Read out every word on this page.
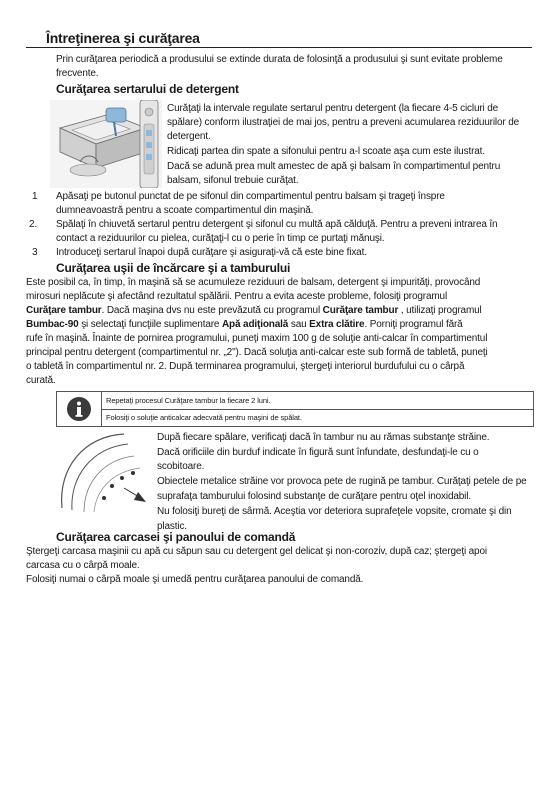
Întreţinerea şi curăţarea
Prin curăţarea periodică a produsului se extinde durata de folosinţă a produsului şi sunt evitate probleme
frecvente.
Curăţarea sertarului de detergent
Curăţaţi la intervale regulate sertarul pentru detergent (la fiecare 4-5 cicluri de
spălare) conform ilustraţiei de mai jos, pentru a preveni acumularea reziduurilor de
detergent.
Ridicaţi partea din spate a sifonului pentru a-l scoate aşa cum este ilustrat.
Dacă se adună prea mult amestec de apă şi balsam în compartimentul pentru
balsam, sifonul trebuie curăţat.
1 Apăsaţi pe butonul punctat de pe sifonul din compartimentul pentru balsam şi trageţi înspre
dumneavoastră pentru a scoate compartimentul din maşină.
2. Spălaţi în chiuvetă sertarul pentru detergent şi sifonul cu multă apă călduţă. Pentru a preveni intrarea în
contact a reziduurilor cu pielea, curăţaţi-l cu o perie în timp ce purtaţi mănuşi.
3 Introduceţi sertarul înapoi după curăţare şi asiguraţi-vă că este bine fixat.
Curăţarea uşii de încărcare şi a tamburului
Este posibil ca, în timp, în maşină să se acumuleze reziduuri de balsam, detergent şi impurităţi, provocând
mirosuri neplăcute şi afectând rezultatul spălării. Pentru a evita aceste probleme, folosiţi programul
Curăţare tambur. Dacă maşina dvs nu este prevăzută cu programul Curăţare tambur , utilizaţi programul
Bumbac-90 şi selectaţi funcţiile suplimentare Apă adiţională sau Extra clătire. Porniţi programul fără
rufe în maşină. Înainte de pornirea programului, puneţi maxim 100 g de soluţie anti-calcar în compartimentul
principal pentru detergent (compartimentul nr. „2"). Dacă soluţia anti-calcar este sub formă de tabletă, puneţi
o tabletă în compartimentul nr. 2. După terminarea programului, ştergeţi interiorul burdufului cu o cârpă
curată.
Repetaţi procesul Curăţare tambur la fiecare 2 luni.
Folosiţi o soluţie anticalcar adecvată pentru maşini de spălat.
După fiecare spălare, verificaţi dacă în tambur nu au rămas substanţe străine.
Dacă orificiile din burduf indicate în figură sunt înfundate, desfundaţi-le cu o
scobitoare.
Obiectele metalice străine vor provoca pete de rugină pe tambur. Curăţaţi petele de pe
suprafaţa tamburului folosind substanţe de curăţare pentru oţel inoxidabil.
Nu folosiţi bureţi de sârmă. Aceştia vor deteriora suprafeţele vopsite, cromate şi din
plastic.
Curăţarea carcasei şi panoului de comandă
Ştergeţi carcasa maşinii cu apă cu săpun sau cu detergent gel delicat şi non-coroziv, după caz; ştergeţi apoi
carcasa cu o cârpă moale.
Folosiţi numai o cârpă moale şi umedă pentru curăţarea panoului de comandă.
